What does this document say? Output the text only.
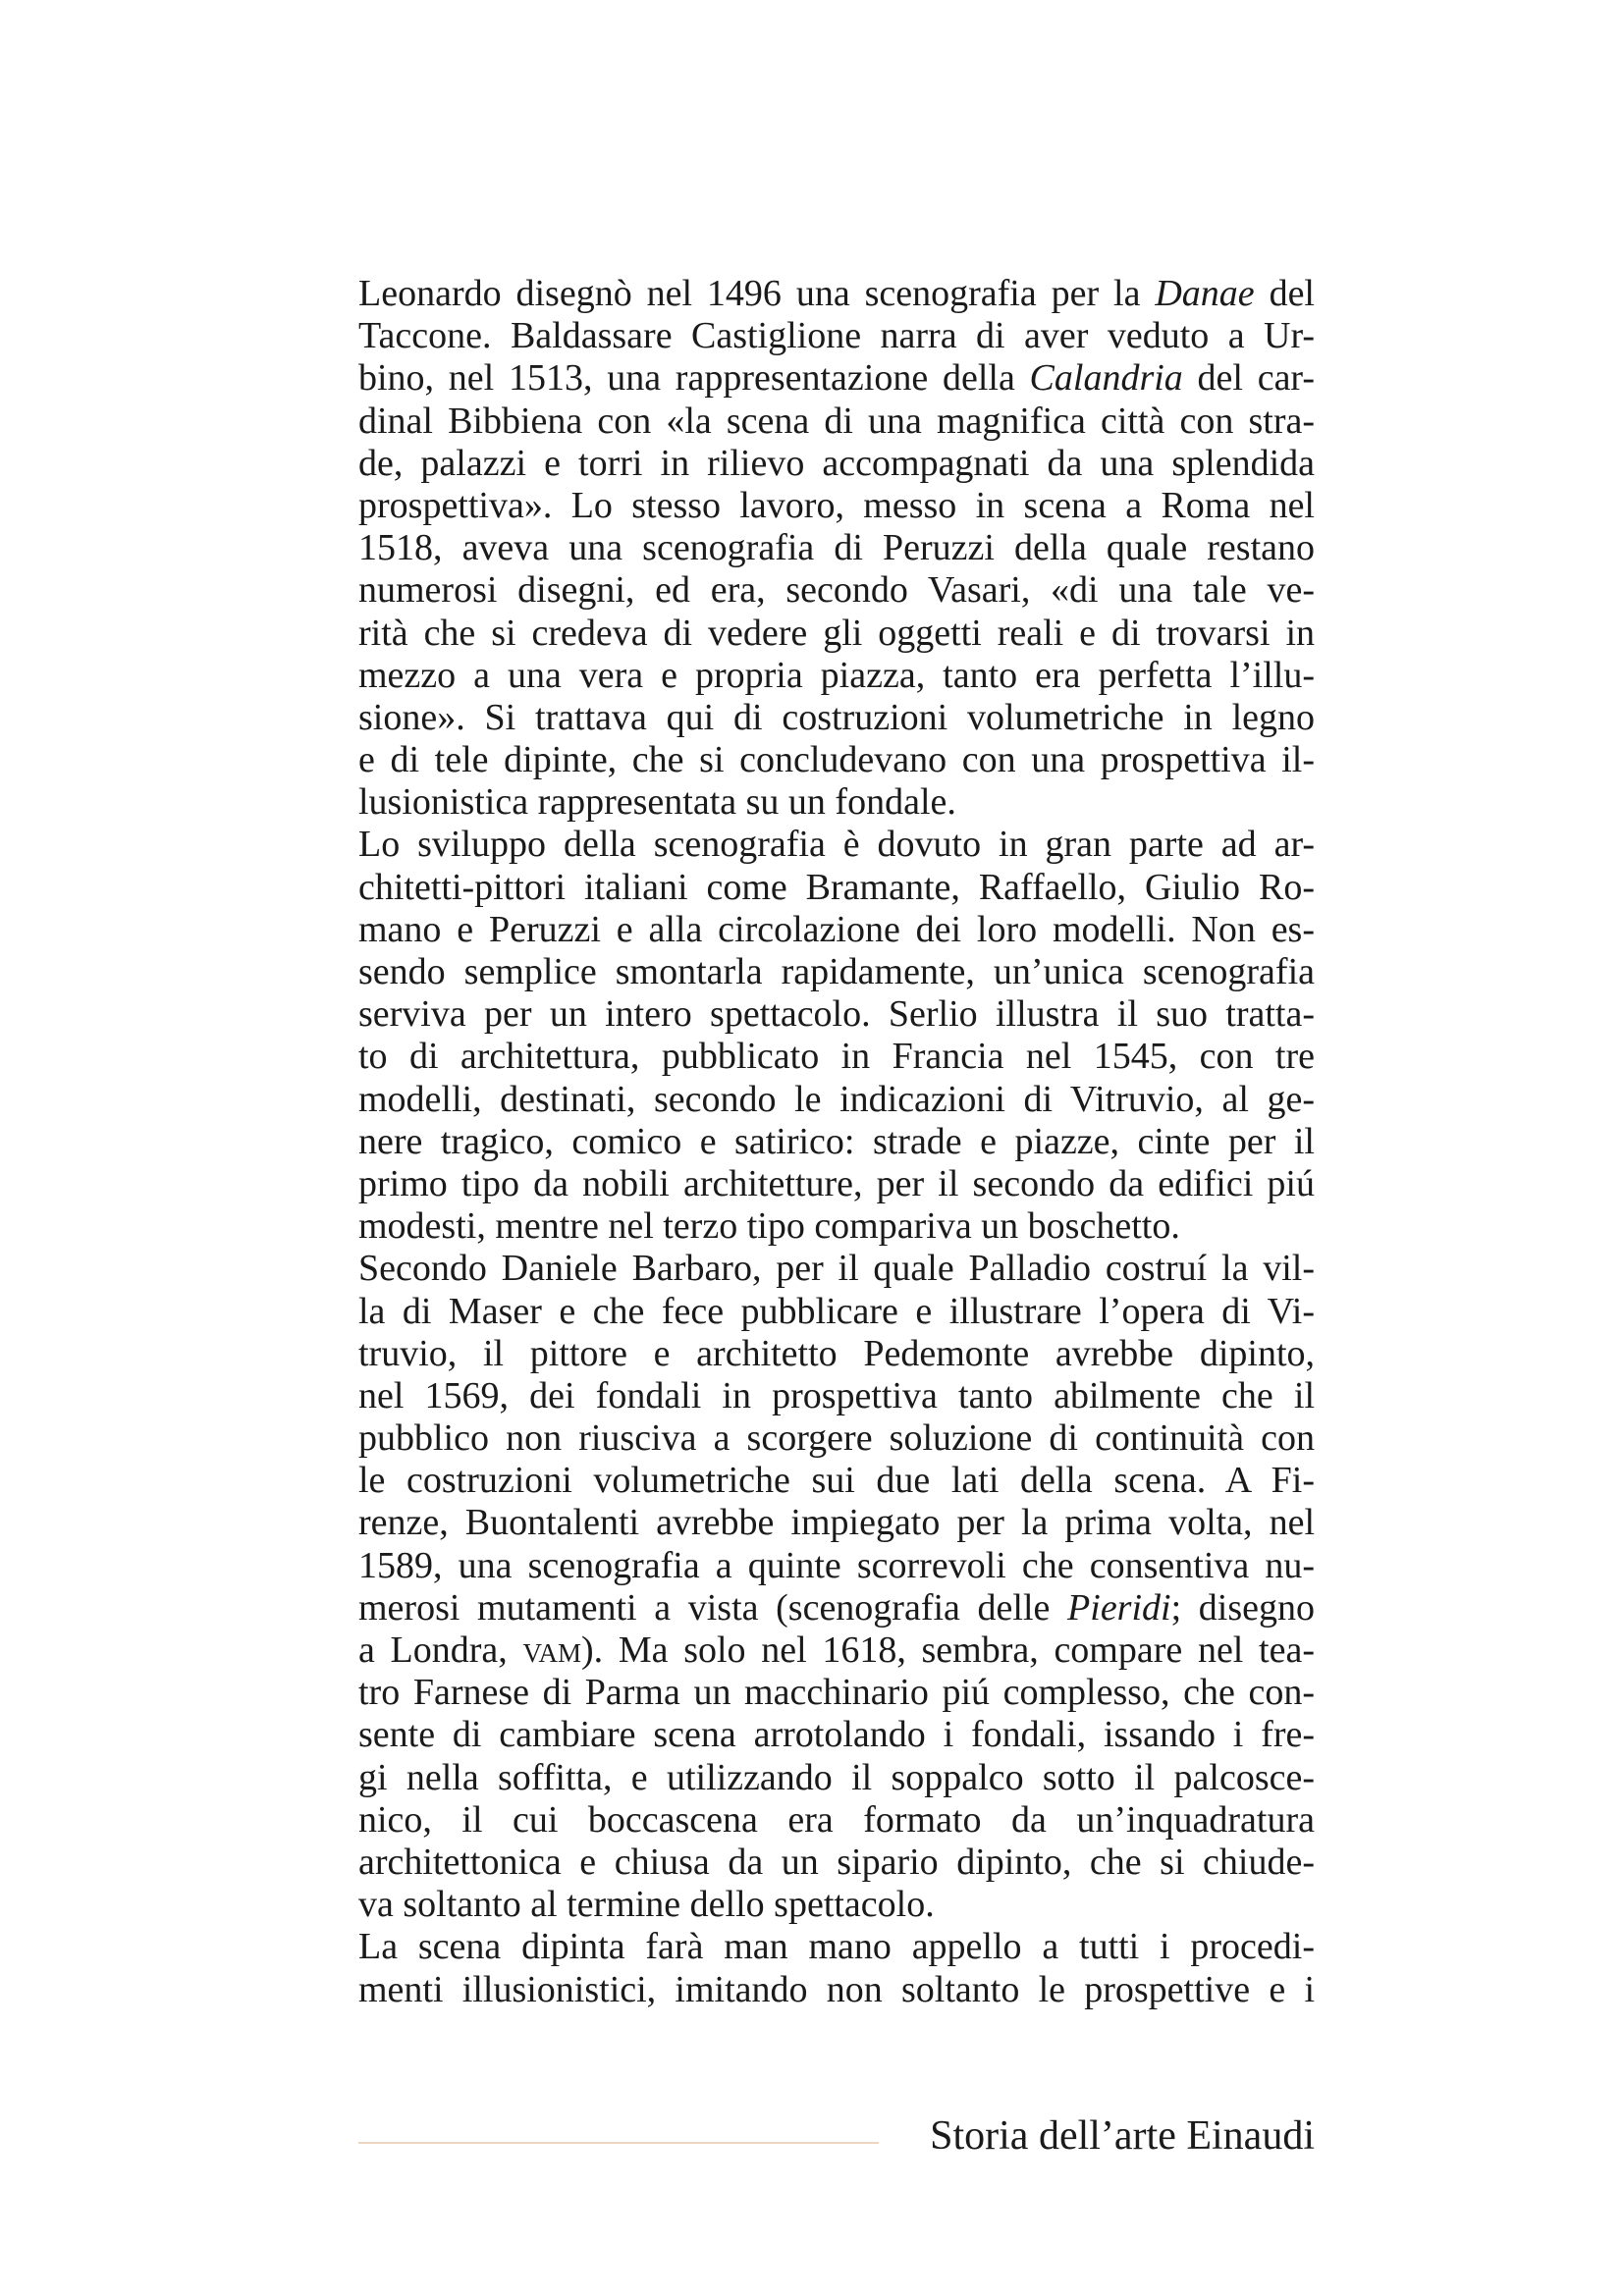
Leonardo disegnò nel 1496 una scenografia per la Danae del
Taccone. Baldassare Castiglione narra di aver veduto a Ur-
bino, nel 1513, una rappresentazione della Calandria del car-
dinal Bibbiena con «la scena di una magnifica città con stra-
de, palazzi e torri in rilievo accompagnati da una splendida
prospettiva». Lo stesso lavoro, messo in scena a Roma nel
1518, aveva una scenografia di Peruzzi della quale restano
numerosi disegni, ed era, secondo Vasari, «di una tale ve-
rità che si credeva di vedere gli oggetti reali e di trovarsi in
mezzo a una vera e propria piazza, tanto era perfetta l’illu-
sione». Si trattava qui di costruzioni volumetriche in legno
e di tele dipinte, che si concludevano con una prospettiva il-
lusionistica rappresentata su un fondale.
Lo sviluppo della scenografia è dovuto in gran parte ad ar-
chitetti-pittori italiani come Bramante, Raffaello, Giulio Ro-
mano e Peruzzi e alla circolazione dei loro modelli. Non es-
sendo semplice smontarla rapidamente, un’unica scenografia
serviva per un intero spettacolo. Serlio illustra il suo tratta-
to di architettura, pubblicato in Francia nel 1545, con tre
modelli, destinati, secondo le indicazioni di Vitruvio, al ge-
nere tragico, comico e satirico: strade e piazze, cinte per il
primo tipo da nobili architetture, per il secondo da edifici piú
modesti, mentre nel terzo tipo compariva un boschetto.
Secondo Daniele Barbaro, per il quale Palladio costruí la vil-
la di Maser e che fece pubblicare e illustrare l’opera di Vi-
truvio, il pittore e architetto Pedemonte avrebbe dipinto,
nel 1569, dei fondali in prospettiva tanto abilmente che il
pubblico non riusciva a scorgere soluzione di continuità con
le costruzioni volumetriche sui due lati della scena. A Fi-
renze, Buontalenti avrebbe impiegato per la prima volta, nel
1589, una scenografia a quinte scorrevoli che consentiva nu-
merosi mutamenti a vista (scenografia delle Pieridi; disegno
a Londra, vam). Ma solo nel 1618, sembra, compare nel tea-
tro Farnese di Parma un macchinario piú complesso, che con-
sente di cambiare scena arrotolando i fondali, issando i fre-
gi nella soffitta, e utilizzando il soppalco sotto il palcosce-
nico, il cui boccascena era formato da un’inquadratura
architettonica e chiusa da un sipario dipinto, che si chiude-
va soltanto al termine dello spettacolo.
La scena dipinta farà man mano appello a tutti i procedi-
menti illusionistici, imitando non soltanto le prospettive e i
Storia dell’arte Einaudi
